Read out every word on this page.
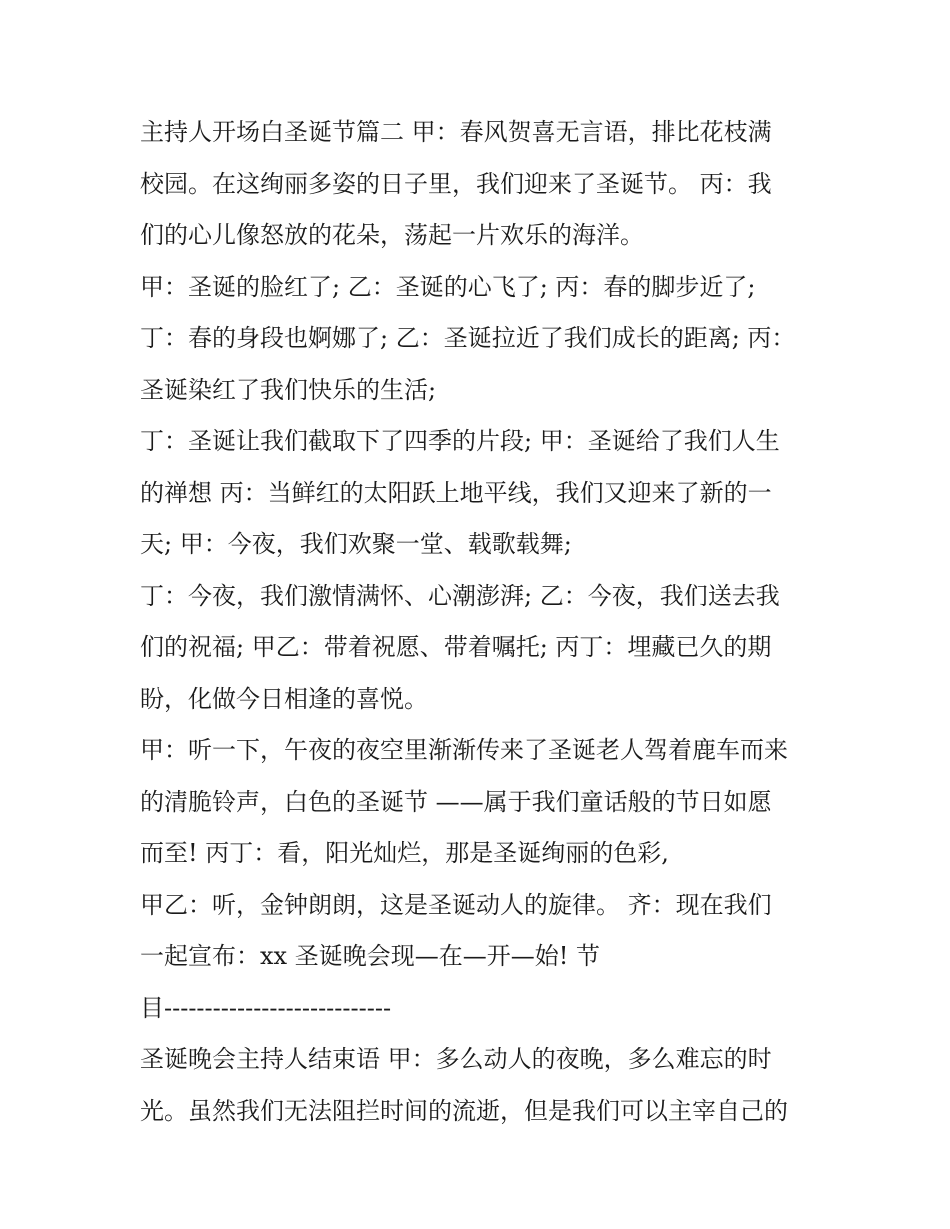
主持人开场白圣诞节篇二 甲：春风贺喜无言语，排比花枝满
校园。在这绚丽多姿的日子里，我们迎来了圣诞节。 丙：我
们的心儿像怒放的花朵，荡起一片欢乐的海洋。
甲：圣诞的脸红了; 乙：圣诞的心飞了; 丙：春的脚步近了;
丁：春的身段也婀娜了; 乙：圣诞拉近了我们成长的距离; 丙：
圣诞染红了我们快乐的生活;
丁：圣诞让我们截取下了四季的片段; 甲：圣诞给了我们人生
的禅想 丙：当鲜红的太阳跃上地平线，我们又迎来了新的一
天; 甲：今夜，我们欢聚一堂、载歌载舞;
丁：今夜，我们激情满怀、心潮澎湃; 乙：今夜，我们送去我
们的祝福; 甲乙：带着祝愿、带着嘱托; 丙丁：埋藏已久的期
盼，化做今日相逢的喜悦。
甲：听一下，午夜的夜空里渐渐传来了圣诞老人驾着鹿车而来
的清脆铃声，白色的圣诞节 ——属于我们童话般的节日如愿
而至! 丙丁：看，阳光灿烂，那是圣诞绚丽的色彩,
甲乙：听，金钟朗朗，这是圣诞动人的旋律。 齐：现在我们
一起宣布：xx 圣诞晚会现—在—开—始! 节
目----------------------------
圣诞晚会主持人结束语 甲：多么动人的夜晚，多么难忘的时
光。虽然我们无法阻拦时间的流逝，但是我们可以主宰自己的
